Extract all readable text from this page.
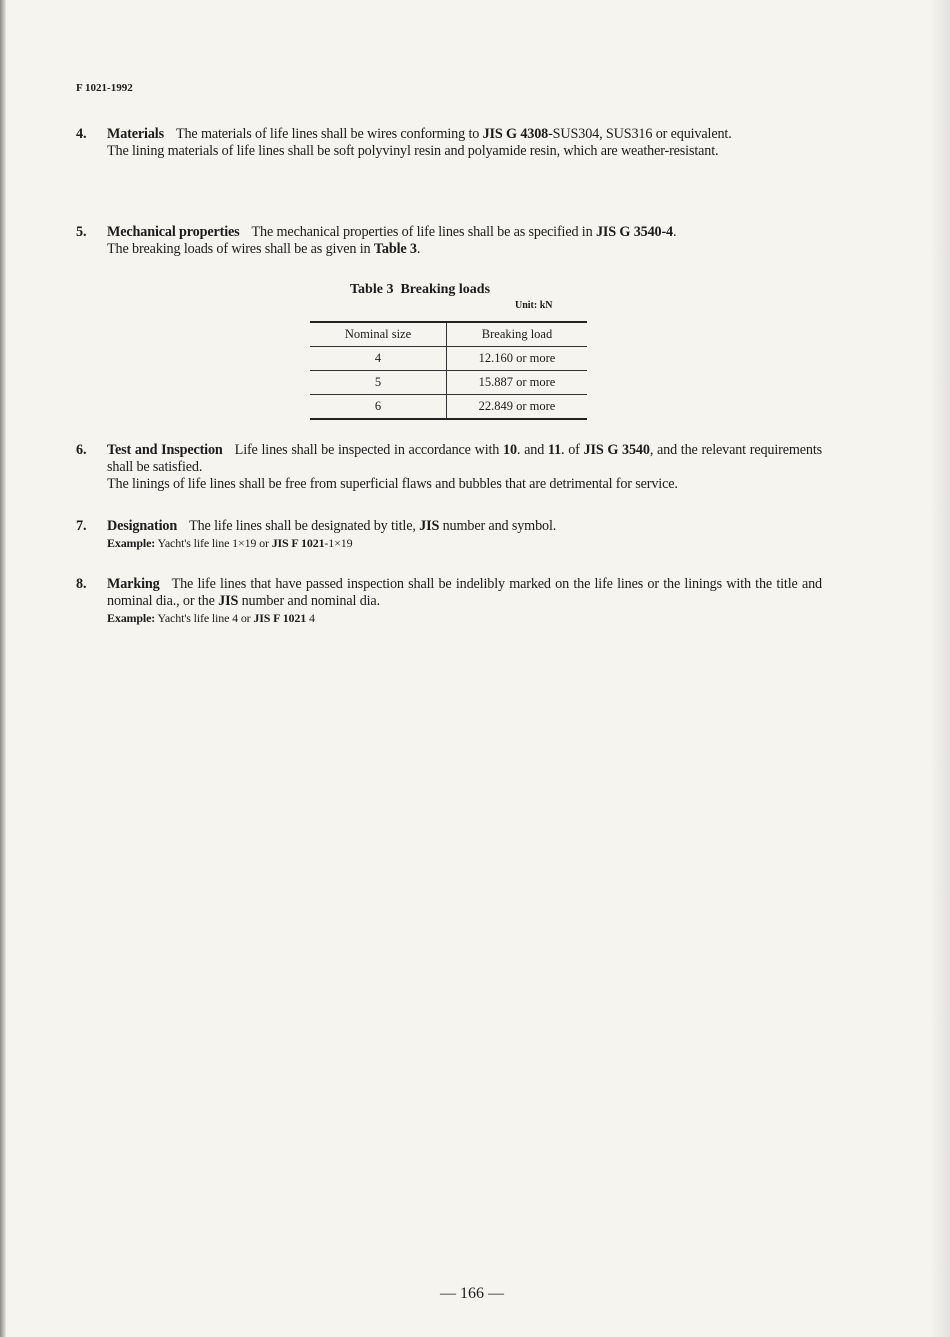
F 1021-1992
4. Materials The materials of life lines shall be wires conforming to JIS G 4308-SUS304, SUS316 or equivalent.
The lining materials of life lines shall be soft polyvinyl resin and polyamide resin, which are weather-resistant.
5. Mechanical properties The mechanical properties of life lines shall be as specified in JIS G 3540-4.
The breaking loads of wires shall be as given in Table 3.
Table 3  Breaking loads
Unit: kN
Nominal size	Breaking load
4	12.160 or more
5	15.887 or more
6	22.849 or more
6. Test and Inspection Life lines shall be inspected in accordance with 10. and 11. of JIS G 3540, and the relevant requirements shall be satisfied.
The linings of life lines shall be free from superficial flaws and bubbles that are detrimental for service.
7. Designation The life lines shall be designated by title, JIS number and symbol.
Example: Yacht's life line 1×19 or JIS F 1021-1×19
8. Marking The life lines that have passed inspection shall be indelibly marked on the life lines or the linings with the title and nominal dia., or the JIS number and nominal dia.
Example: Yacht's life line 4 or JIS F 1021 4
— 166 —
